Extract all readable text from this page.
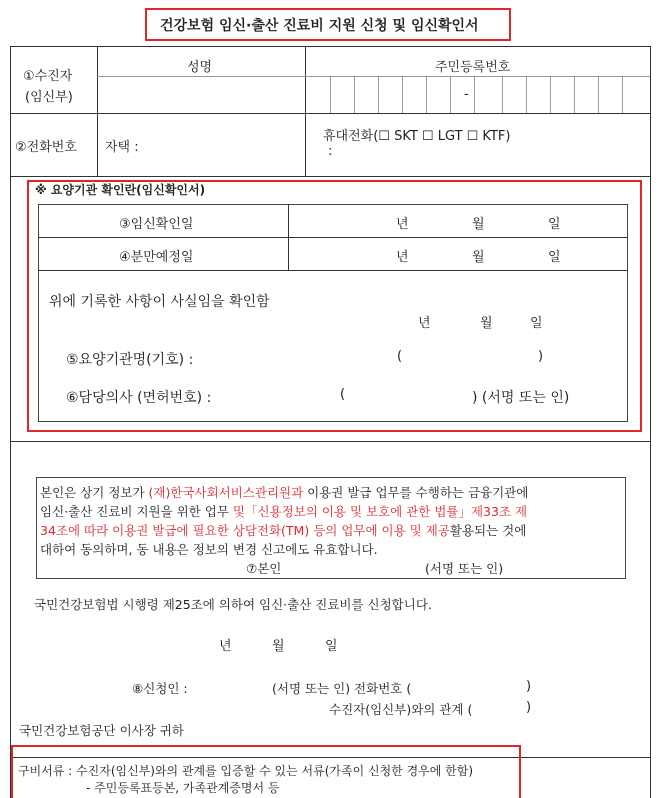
건강보험 임신·출산 진료비 지원 신청 및 임신확인서
①수진자
(임신부)
성명	주민등록번호
-
②전화번호 자택 :
휴대전화(☐ SKT ☐ LGT ☐ KTF)
:
※ 요양기관 확인란(임신확인서)
③임신확인일	년	월	일
④분만예정일	년	월	일
위에 기록한 사항이 사실임을 확인함
년	월	일
⑤요양기관명(기호) :	(	)
⑥담당의사 (면허번호) :	(	) (서명 또는 인)
본인은 상기 정보가 (재)한국사회서비스관리원과 이용권 발급 업무를 수행하는 금융기관에
임신·출산 진료비 지원을 위한 업무 및「신용정보의 이용 및 보호에 관한 법률」제33조 제
34조에 따라 이용권 발급에 필요한 상담전화(TM) 등의 업무에 이용 및 제공활용되는 것에
대하여 동의하며, 동 내용은 정보의 변경 신고에도 유효합니다.
⑦본인	(서명 또는 인)
국민건강보험법 시행령 제25조에 의하여 임신·출산 진료비를 신청합니다.
년	월	일
⑧신청인 :	(서명 또는 인) 전화번호 (	)
수진자(임신부)와의 관계 (	)
국민건강보험공단 이사장 귀하
구비서류 : 수진자(임신부)와의 관계를 입증할 수 있는 서류(가족이 신청한 경우에 한함)
- 주민등록표등본, 가족관계증명서 등
